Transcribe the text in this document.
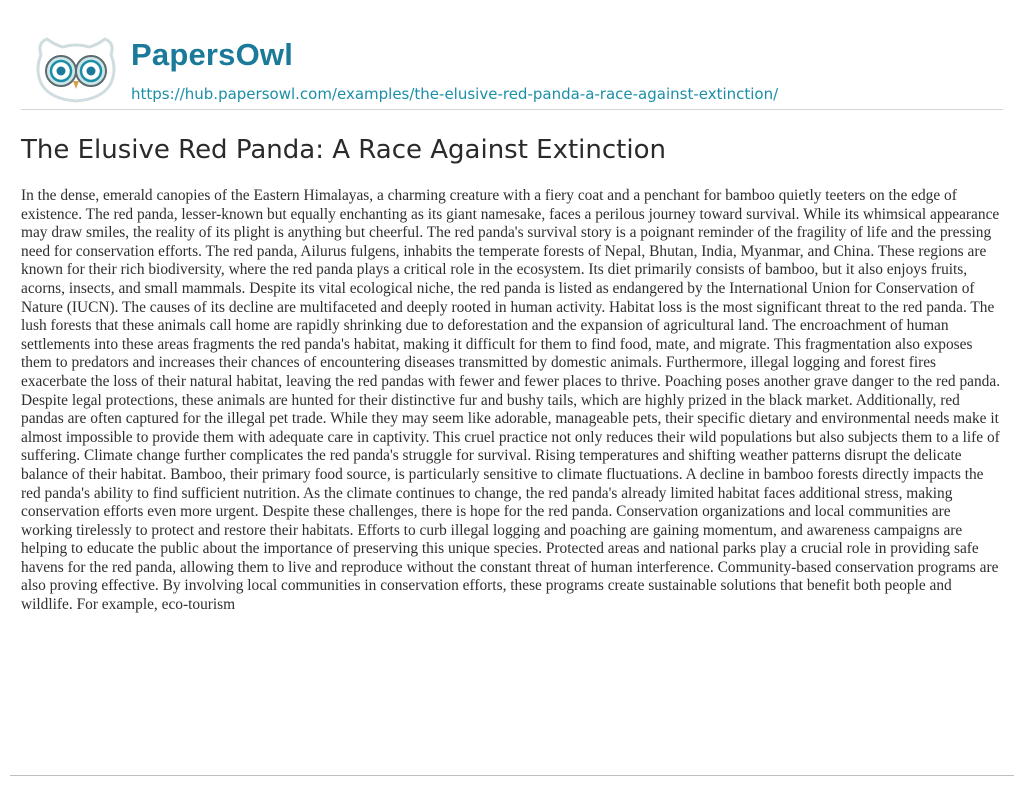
PapersOwl
https://hub.papersowl.com/examples/the-elusive-red-panda-a-race-against-extinction/
The Elusive Red Panda: A Race Against Extinction

In the dense, emerald canopies of the Eastern Himalayas, a charming creature with a fiery coat and a penchant for bamboo quietly teeters on the edge of existence. The red panda, lesser-known but equally enchanting as its giant namesake, faces a perilous journey toward survival. While its whimsical appearance may draw smiles, the reality of its plight is anything but cheerful. The red panda's survival story is a poignant reminder of the fragility of life and the pressing need for conservation efforts. The red panda, Ailurus fulgens, inhabits the temperate forests of Nepal, Bhutan, India, Myanmar, and China. These regions are known for their rich biodiversity, where the red panda plays a critical role in the ecosystem. Its diet primarily consists of bamboo, but it also enjoys fruits, acorns, insects, and small mammals. Despite its vital ecological niche, the red panda is listed as endangered by the International Union for Conservation of Nature (IUCN). The causes of its decline are multifaceted and deeply rooted in human activity. Habitat loss is the most significant threat to the red panda. The lush forests that these animals call home are rapidly shrinking due to deforestation and the expansion of agricultural land. The encroachment of human settlements into these areas fragments the red panda's habitat, making it difficult for them to find food, mate, and migrate. This fragmentation also exposes them to predators and increases their chances of encountering diseases transmitted by domestic animals. Furthermore, illegal logging and forest fires exacerbate the loss of their natural habitat, leaving the red pandas with fewer and fewer places to thrive. Poaching poses another grave danger to the red panda. Despite legal protections, these animals are hunted for their distinctive fur and bushy tails, which are highly prized in the black market. Additionally, red pandas are often captured for the illegal pet trade. While they may seem like adorable, manageable pets, their specific dietary and environmental needs make it almost impossible to provide them with adequate care in captivity. This cruel practice not only reduces their wild populations but also subjects them to a life of suffering. Climate change further complicates the red panda's struggle for survival. Rising temperatures and shifting weather patterns disrupt the delicate balance of their habitat. Bamboo, their primary food source, is particularly sensitive to climate fluctuations. A decline in bamboo forests directly impacts the red panda's ability to find sufficient nutrition. As the climate continues to change, the red panda's already limited habitat faces additional stress, making conservation efforts even more urgent. Despite these challenges, there is hope for the red panda. Conservation organizations and local communities are working tirelessly to protect and restore their habitats. Efforts to curb illegal logging and poaching are gaining momentum, and awareness campaigns are helping to educate the public about the importance of preserving this unique species. Protected areas and national parks play a crucial role in providing safe havens for the red panda, allowing them to live and reproduce without the constant threat of human interference. Community-based conservation programs are also proving effective. By involving local communities in conservation efforts, these programs create sustainable solutions that benefit both people and wildlife. For example, eco-tourism
